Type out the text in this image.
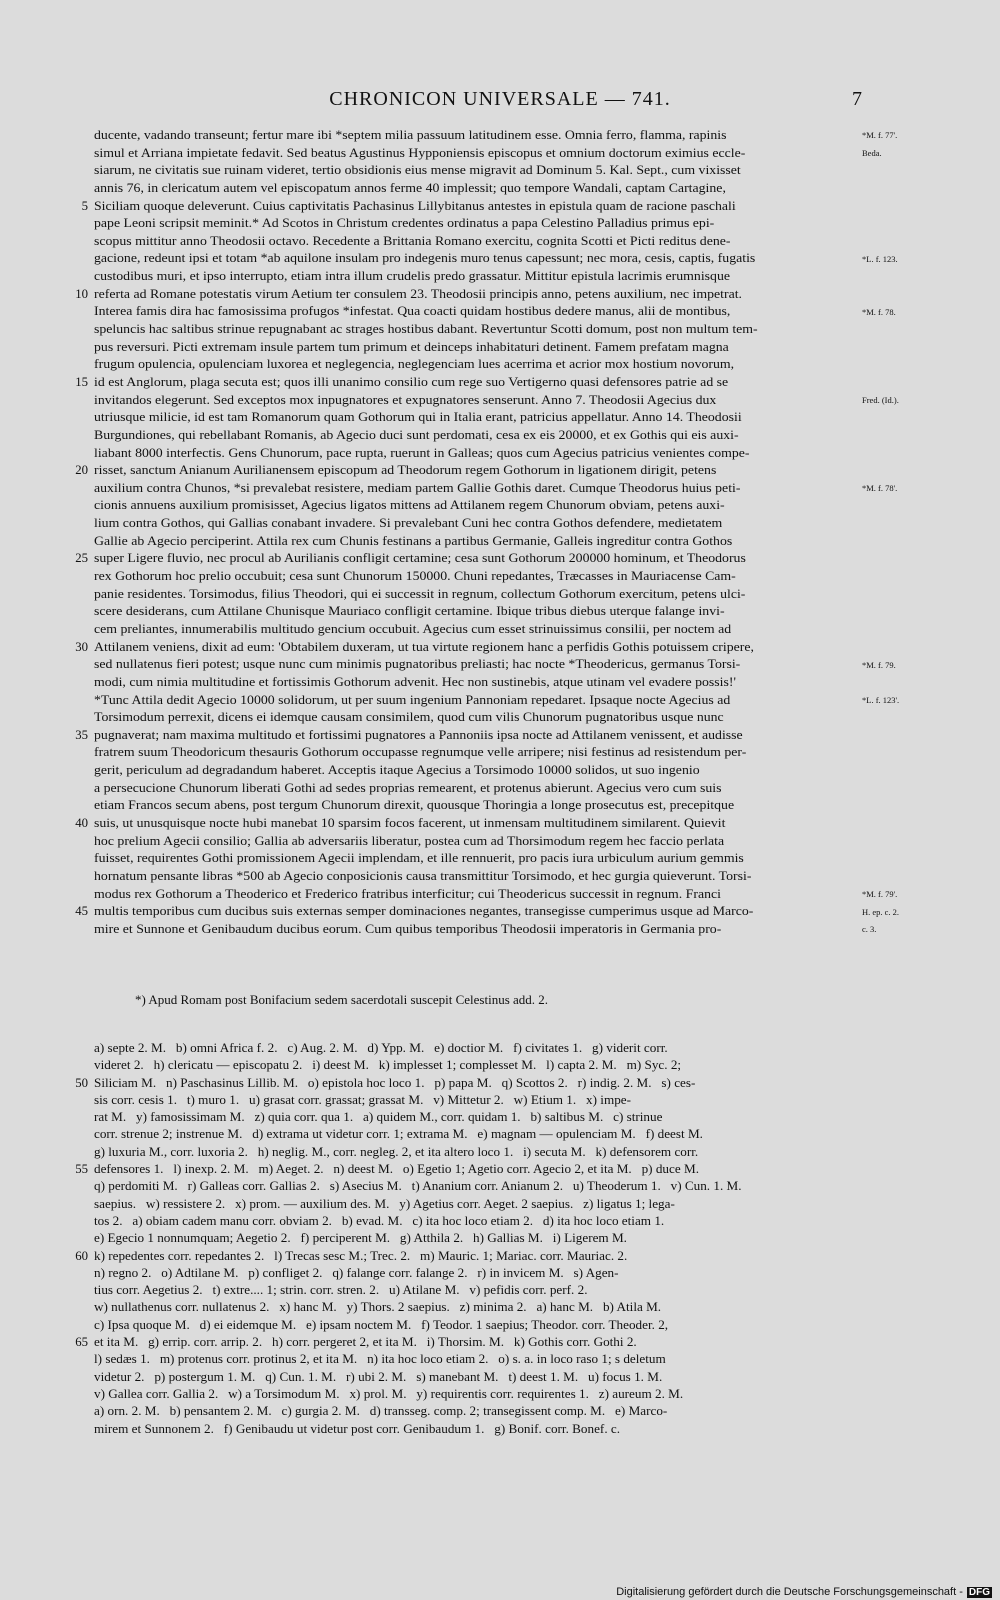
CHRONICON UNIVERSALE — 741.	7
ducente, vadando transeunt; fertur mare ibi *septem milia passuum latitudinem esse. Omnia ferro, flamma, rapinis
simul et Arriana impietate fedavit. Sed beatus Agustinus Hypponiensis episcopus et omnium doctorum eximius eccle-
siarum, ne civitatis sue ruinam videret, tertio obsidionis eius mense migravit ad Dominum 5. Kal. Sept., cum vixisset
annis 76, in clericatum autem vel episcopatum annos ferme 40 implessit; quo tempore Wandali, captam Cartagine,
Siciliam quoque deleverunt. Cuius captivitatis Pachasinus Lillybitanus antestes in epistula quam de racione paschali
5
pape Leoni scripsit meminit.* Ad Scotos in Christum credentes ordinatus a papa Celestino Palladius primus epi-
scopus mittitur anno Theodosii octavo. Recedente a Brittania Romano exercitu, cognita Scotti et Picti reditus dene-
gacione, redeunt ipsi et totam *ab aquilone insulam pro indegenis muro tenus capessunt; nec mora, cesis, captis, fugatis
custodibus muri, et ipso interrupto, etiam intra illum crudelis predo grassatur. Mittitur epistula lacrimis erumnisque
referta ad Romane potestatis virum Aetium ter consulem 23. Theodosii principis anno, petens auxilium, nec impetrat.
10
Interea famis dira hac famosissima profugos *infestat. Qua coacti quidam hostibus dedere manus, alii de montibus,
speluncis hac saltibus strinue repugnabant ac strages hostibus dabant. Revertuntur Scotti domum, post non multum tem-
pus reversuri. Picti extremam insule partem tum primum et deinceps inhabitaturi detinent. Famem prefatam magna
frugum opulencia, opulenciam luxorea et neglegencia, neglegenciam lues acerrima et acrior mox hostium novorum,
id est Anglorum, plaga secuta est; quos illi unanimo consilio cum rege suo Vertigerno quasi defensores patrie ad se
15
invitandos elegerunt. Sed exceptos mox inpugnatores et expugnatores senserunt. Anno 7. Theodosii Agecius dux
utriusque milicie, id est tam Romanorum quam Gothorum qui in Italia erant, patricius appellatur. Anno 14. Theodosii
Burgundiones, qui rebellabant Romanis, ab Agecio duci sunt perdomati, cesa ex eis 20000, et ex Gothis qui eis auxi-
liabant 8000 interfectis. Gens Chunorum, pace rupta, ruerunt in Galleas; quos cum Agecius patricius venientes compe-
risset, sanctum Anianum Aurilianensem episcopum ad Theodorum regem Gothorum in ligationem dirigit, petens
20
auxilium contra Chunos, *si prevalebat resistere, mediam partem Gallie Gothis daret. Cumque Theodorus huius peti-
cionis annuens auxilium promisisset, Agecius ligatos mittens ad Attilanem regem Chunorum obviam, petens auxi-
lium contra Gothos, qui Gallias conabant invadere. Si prevalebant Cuni hec contra Gothos defendere, medietatem
Gallie ab Agecio perciperint. Attila rex cum Chunis festinans a partibus Germanie, Galleis ingreditur contra Gothos
super Ligere fluvio, nec procul ab Aurilianis confligit certamine; cesa sunt Gothorum 200000 hominum, et Theodorus
25
rex Gothorum hoc prelio occubuit; cesa sunt Chunorum 150000. Chuni repedantes, Træcasses in Mauriacense Cam-
panie residentes. Torsimodus, filius Theodori, qui ei successit in regnum, collectum Gothorum exercitum, petens ulci-
scere desiderans, cum Attilane Chunisque Mauriaco confligit certamine. Ibique tribus diebus uterque falange invi-
cem preliantes, innumerabilis multitudo gencium occubuit. Agecius cum esset strinuissimus consilii, per noctem ad
Attilanem veniens, dixit ad eum: 'Obtabilem duxeram, ut tua virtute regionem hanc a perfidis Gothis potuissem cripere,
30
sed nullatenus fieri potest; usque nunc cum minimis pugnatoribus preliasti; hac nocte *Theodericus, germanus Torsi-
modi, cum nimia multitudine et fortissimis Gothorum advenit. Hec non sustinebis, atque utinam vel evadere possis!'
*Tunc Attila dedit Agecio 10000 solidorum, ut per suum ingenium Pannoniam repedaret. Ipsaque nocte Agecius ad
Torsimodum perrexit, dicens ei idemque causam consimilem, quod cum vilis Chunorum pugnatoribus usque nunc
pugnaverat; nam maxima multitudo et fortissimi pugnatores a Pannoniis ipsa nocte ad Attilanem venissent, et audisse
35
fratrem suum Theodoricum thesauris Gothorum occupasse regnumque velle arripere; nisi festinus ad resistendum per-
gerit, periculum ad degradandum haberet. Acceptis itaque Agecius a Torsimodo 10000 solidos, ut suo ingenio
a persecucione Chunorum liberati Gothi ad sedes proprias remearent, et protenus abierunt. Agecius vero cum suis
etiam Francos secum abens, post tergum Chunorum direxit, quousque Thoringia a longe prosecutus est, precepitque
suis, ut unusquisque nocte hubi manebat 10 sparsim focos facerent, ut inmensam multitudinem similarent. Quievit
40
hoc prelium Agecii consilio; Gallia ab adversariis liberatur, postea cum ad Thorsimodum regem hec faccio perlata
fuisset, requirentes Gothi promissionem Agecii implendam, et ille rennuerit, pro pacis iura urbiculum aurium gemmis
hornatum pensante libras *500 ab Agecio conposicionis causa transmittitur Torsimodo, et hec gurgia quieverunt. Torsi-
modus rex Gothorum a Theoderico et Frederico fratribus interficitur; cui Theodericus successit in regnum. Franci
multis temporibus cum ducibus suis externas semper dominaciones negantes, transegisse cumperimus usque ad Marco-
45
mire et Sunnone et Genibaudum ducibus eorum. Cum quibus temporibus Theodosii imperatoris in Germania pro-
*M. f. 77'.
Beda.
*L. f. 123.
*M. f. 78.
Fred. (Id.).
*M. f. 78'.
*M. f. 79.
*L. f. 123'.
*M. f. 79'.
H. ep. c. 2.
c. 3.
*) Apud Romam post Bonifacium sedem sacerdotali suscepit Celestinus add. 2.
a) septe 2. M.   b) omni Africa f. 2.   c) Aug. 2. M.   d) Ypp. M.   e) doctior M.   f) civitates 1.   g) viderit corr.
videret 2.   h) clericatu — episcopatu 2.   i) deest M.   k) implesset 1; complesset M.   l) capta 2. M.   m) Syc. 2;
Siliciam M.   n) Paschasinus Lillib. M.   o) epistola hoc loco 1.   p) papa M.   q) Scottos 2.   r) indig. 2. M.   s) ces-
50
sis corr. cesis 1.   t) muro 1.   u) grasat corr. grassat; grassat M.   v) Mittetur 2.   w) Etium 1.   x) impe-
rat M.   y) famosissimam M.   z) quia corr. qua 1.   a) quidem M., corr. quidam 1.   b) saltibus M.   c) strinue
corr. strenue 2; instrenue M.   d) extrama ut videtur corr. 1; extrama M.   e) magnam — opulenciam M.   f) deest M.
g) luxuria M., corr. luxoria 2.   h) neglig. M., corr. negleg. 2, et ita altero loco 1.   i) secuta M.   k) defensorem corr.
defensores 1.   l) inexp. 2. M.   m) Aeget. 2.   n) deest M.   o) Egetio 1; Agetio corr. Agecio 2, et ita M.   p) duce M.
55
q) perdomiti M.   r) Galleas corr. Gallias 2.   s) Asecius M.   t) Ananium corr. Anianum 2.   u) Theoderum 1.   v) Cun. 1. M.
saepius.   w) ressistere 2.   x) prom. — auxilium des. M.   y) Agetius corr. Aeget. 2 saepius.   z) ligatus 1; lega-
tos 2.   a) obiam cadem manu corr. obviam 2.   b) evad. M.   c) ita hoc loco etiam 2.   d) ita hoc loco etiam 1.
e) Egecio 1 nonnumquam; Aegetio 2.   f) perciperent M.   g) Atthila 2.   h) Gallias M.   i) Ligerem M.
k) repedentes corr. repedantes 2.   l) Trecas sesc M.; Trec. 2.   m) Mauric. 1; Mariac. corr. Mauriac. 2.
60
n) regno 2.   o) Adtilane M.   p) confliget 2.   q) falange corr. falange 2.   r) in invicem M.   s) Agen-
tius corr. Aegetius 2.   t) extre.... 1; strin. corr. stren. 2.   u) Atilane M.   v) pefidis corr. perf. 2.
w) nullathenus corr. nullatenus 2.   x) hanc M.   y) Thors. 2 saepius.   z) minima 2.   a) hanc M.   b) Atila M.
c) Ipsa quoque M.   d) ei eidemque M.   e) ipsam noctem M.   f) Teodor. 1 saepius; Theodor. corr. Theoder. 2,
et ita M.   g) errip. corr. arrip. 2.   h) corr. pergeret 2, et ita M.   i) Thorsim. M.   k) Gothis corr. Gothi 2.
65
l) sedæs 1.   m) protenus corr. protinus 2, et ita M.   n) ita hoc loco etiam 2.   o) s. a. in loco raso 1; s deletum
videtur 2.   p) postergum 1. M.   q) Cun. 1. M.   r) ubi 2. M.   s) manebant M.   t) deest 1. M.   u) focus 1. M.
v) Gallea corr. Gallia 2.   w) a Torsimodum M.   x) prol. M.   y) requirentis corr. requirentes 1.   z) aureum 2. M.
a) orn. 2. M.   b) pensantem 2. M.   c) gurgia 2. M.   d) transseg. comp. 2; transegissent comp. M.   e) Marco-
mirem et Sunnonem 2.   f) Genibaudu ut videtur post corr. Genibaudum 1.   g) Bonif. corr. Bonef. c.
Digitalisierung gefördert durch die Deutsche Forschungsgemeinschaft - DFG
